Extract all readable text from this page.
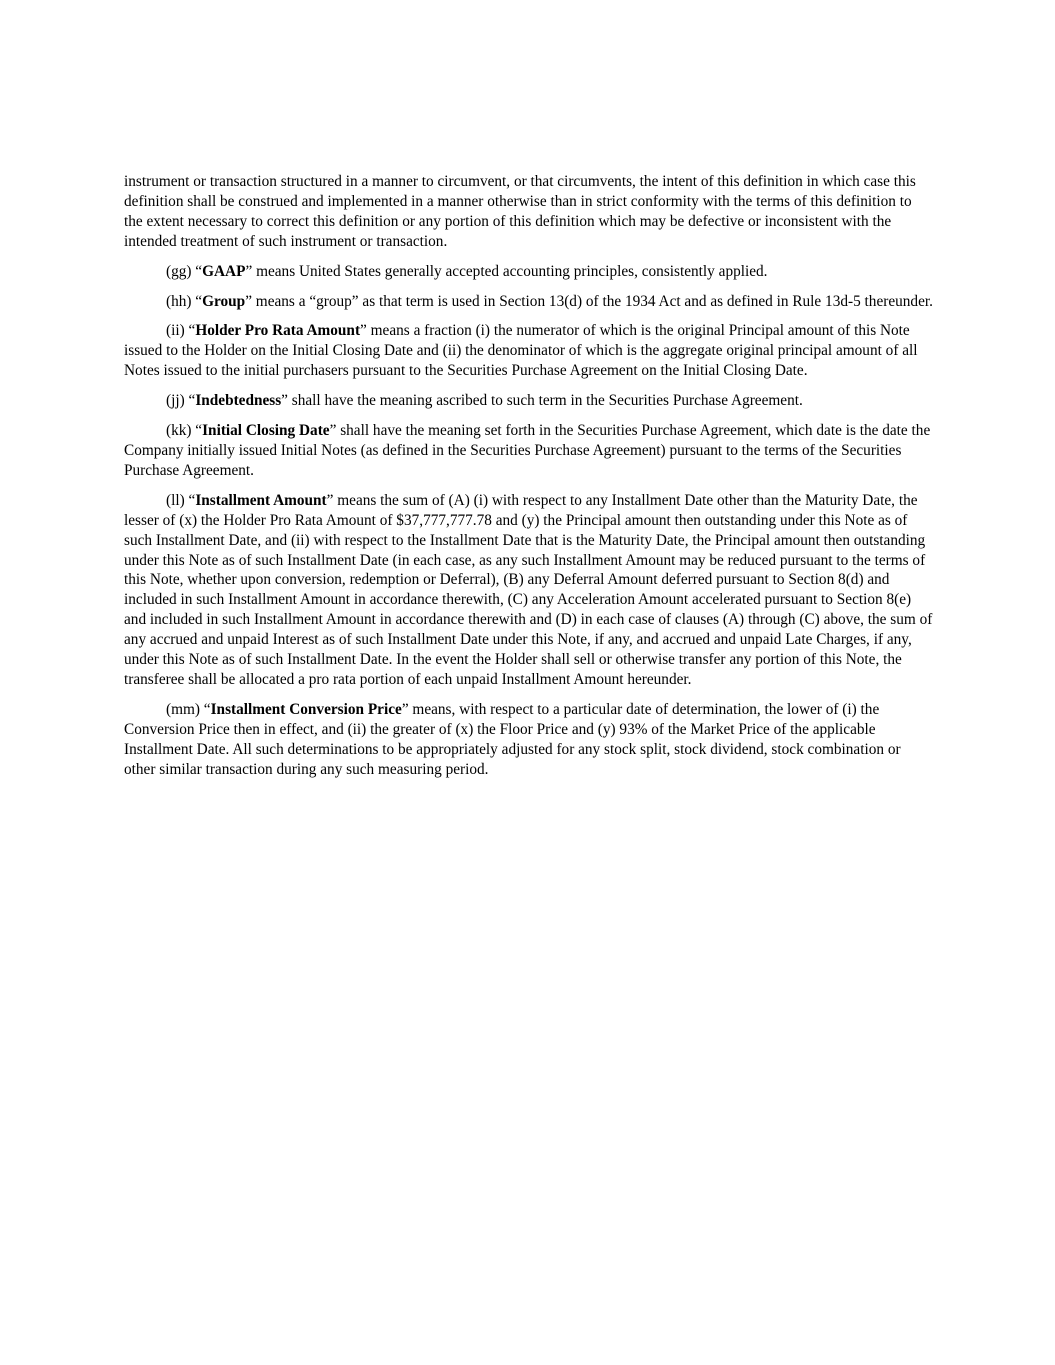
instrument or transaction structured in a manner to circumvent, or that circumvents, the intent of this definition in which case this definition shall be construed and implemented in a manner otherwise than in strict conformity with the terms of this definition to the extent necessary to correct this definition or any portion of this definition which may be defective or inconsistent with the intended treatment of such instrument or transaction.

(gg) “GAAP” means United States generally accepted accounting principles, consistently applied.

(hh) “Group” means a “group” as that term is used in Section 13(d) of the 1934 Act and as defined in Rule 13d-5 thereunder.

(ii) “Holder Pro Rata Amount” means a fraction (i) the numerator of which is the original Principal amount of this Note issued to the Holder on the Initial Closing Date and (ii) the denominator of which is the aggregate original principal amount of all Notes issued to the initial purchasers pursuant to the Securities Purchase Agreement on the Initial Closing Date.

(jj) “Indebtedness” shall have the meaning ascribed to such term in the Securities Purchase Agreement.

(kk) “Initial Closing Date” shall have the meaning set forth in the Securities Purchase Agreement, which date is the date the Company initially issued Initial Notes (as defined in the Securities Purchase Agreement) pursuant to the terms of the Securities Purchase Agreement.

(ll) “Installment Amount” means the sum of (A) (i) with respect to any Installment Date other than the Maturity Date, the lesser of (x) the Holder Pro Rata Amount of $37,777,777.78 and (y) the Principal amount then outstanding under this Note as of such Installment Date, and (ii) with respect to the Installment Date that is the Maturity Date, the Principal amount then outstanding under this Note as of such Installment Date (in each case, as any such Installment Amount may be reduced pursuant to the terms of this Note, whether upon conversion, redemption or Deferral), (B) any Deferral Amount deferred pursuant to Section 8(d) and included in such Installment Amount in accordance therewith, (C) any Acceleration Amount accelerated pursuant to Section 8(e) and included in such Installment Amount in accordance therewith and (D) in each case of clauses (A) through (C) above, the sum of any accrued and unpaid Interest as of such Installment Date under this Note, if any, and accrued and unpaid Late Charges, if any, under this Note as of such Installment Date. In the event the Holder shall sell or otherwise transfer any portion of this Note, the transferee shall be allocated a pro rata portion of each unpaid Installment Amount hereunder.

(mm) “Installment Conversion Price” means, with respect to a particular date of determination, the lower of (i) the Conversion Price then in effect, and (ii) the greater of (x) the Floor Price and (y) 93% of the Market Price of the applicable Installment Date. All such determinations to be appropriately adjusted for any stock split, stock dividend, stock combination or other similar transaction during any such measuring period.
